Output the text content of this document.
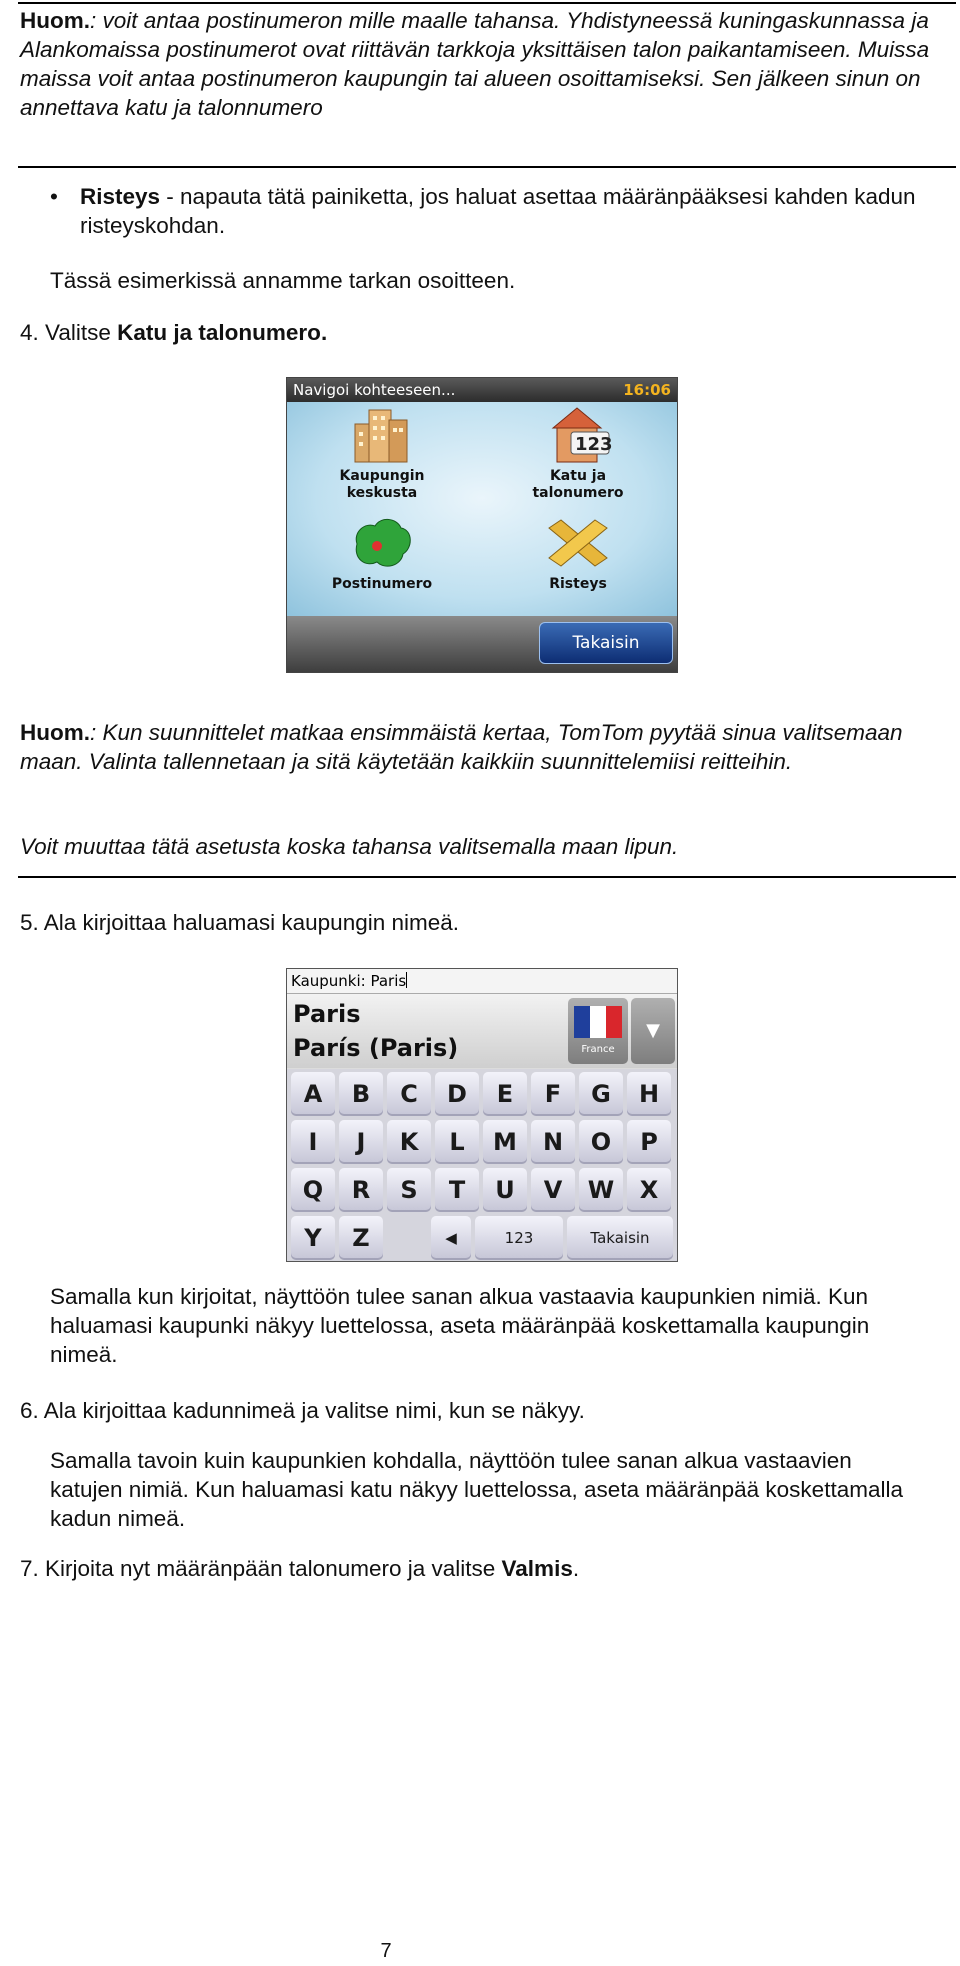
Huom.: voit antaa postinumeron mille maalle tahansa. Yhdistyneessä kuningaskunnassa ja Alankomaissa postinumerot ovat riittävän tarkkoja yksittäisen talon paikantamiseen. Muissa maissa voit antaa postinumeron kaupungin tai alueen osoittamiseksi. Sen jälkeen sinun on annettava katu ja talonnumero
• Risteys - napauta tätä painiketta, jos haluat asettaa määränpääksesi kahden kadun risteyskohdan.
Tässä esimerkissä annamme tarkan osoitteen.
4. Valitse Katu ja talonumero.
Navigoi kohteeseen...	16:06
Kaupungin keskusta
123
Katu ja talonumero
Postinumero	Risteys
Takaisin
Huom.: Kun suunnittelet matkaa ensimmäistä kertaa, TomTom pyytää sinua valitsemaan maan. Valinta tallennetaan ja sitä käytetään kaikkiin suunnittelemiisi reitteihin.
Voit muuttaa tätä asetusta koska tahansa valitsemalla maan lipun.
5. Ala kirjoittaa haluamasi kaupungin nimeä.
Kaupunki: Paris
Paris
París (Paris)	France
▼
◀	123	Takaisin
A	B	C	D	E	F	G	H
I	J	K	L	M	N	O	P
Q	R	S	T	U	V	W	X
Y	Z
Samalla kun kirjoitat, näyttöön tulee sanan alkua vastaavia kaupunkien nimiä. Kun haluamasi kaupunki näkyy luettelossa, aseta määränpää koskettamalla kaupungin nimeä.
6. Ala kirjoittaa kadunnimeä ja valitse nimi, kun se näkyy.
Samalla tavoin kuin kaupunkien kohdalla, näyttöön tulee sanan alkua vastaavien katujen nimiä. Kun haluamasi katu näkyy luettelossa, aseta määränpää koskettamalla kadun nimeä.
7. Kirjoita nyt määränpään talonumero ja valitse Valmis.
7
